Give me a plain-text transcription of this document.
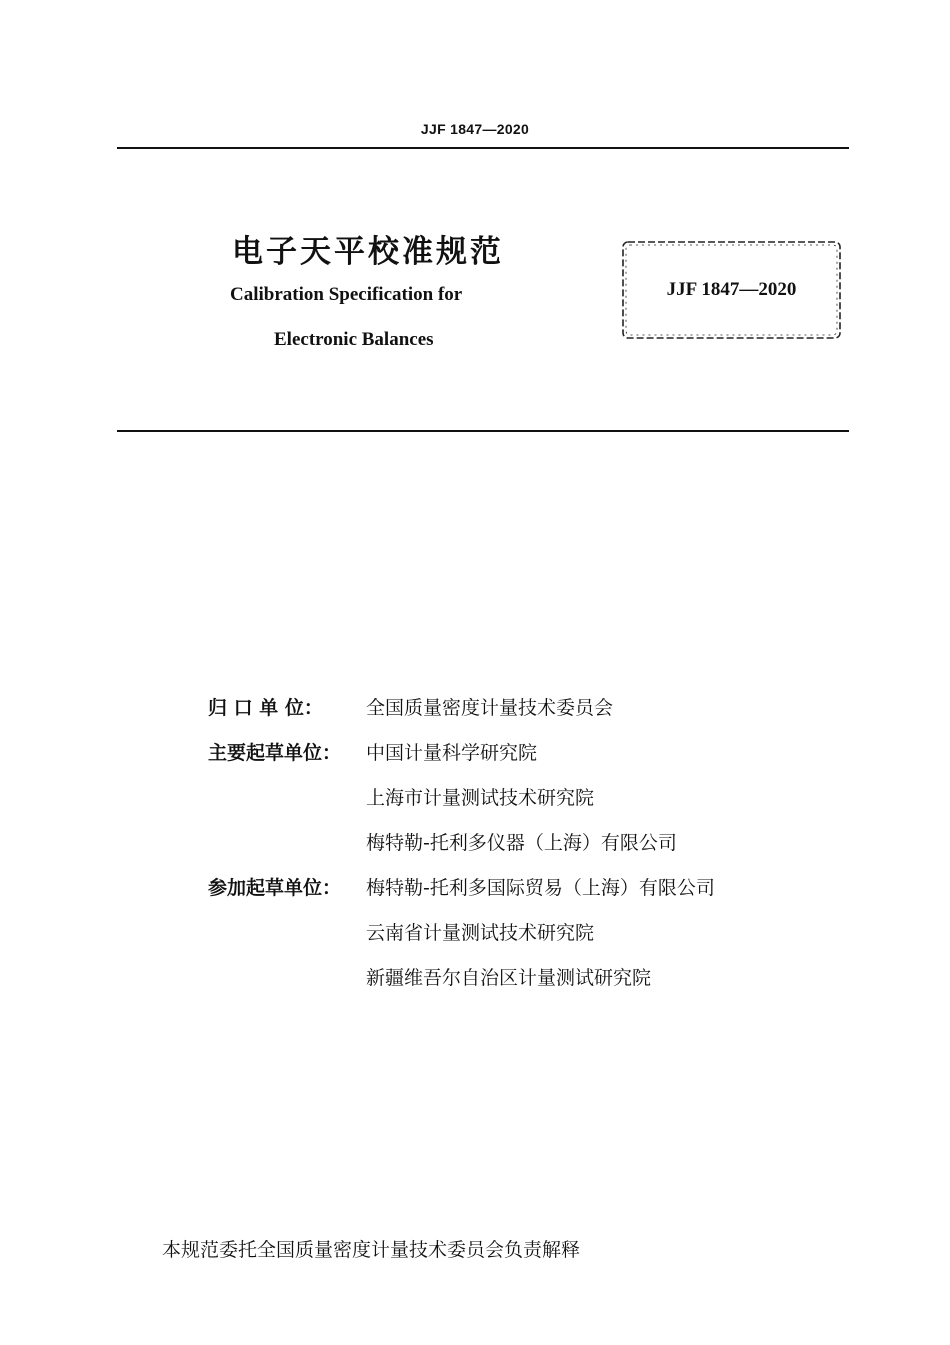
JJF 1847—2020
电子天平校准规范
Calibration Specification for
Electronic Balances
JJF 1847—2020
归 口 单 位： 全国质量密度计量技术委员会
主要起草单位： 中国计量科学研究院
上海市计量测试技术研究院
梅特勒-托利多仪器（上海）有限公司
参加起草单位： 梅特勒-托利多国际贸易（上海）有限公司
云南省计量测试技术研究院
新疆维吾尔自治区计量测试研究院
本规范委托全国质量密度计量技术委员会负责解释
